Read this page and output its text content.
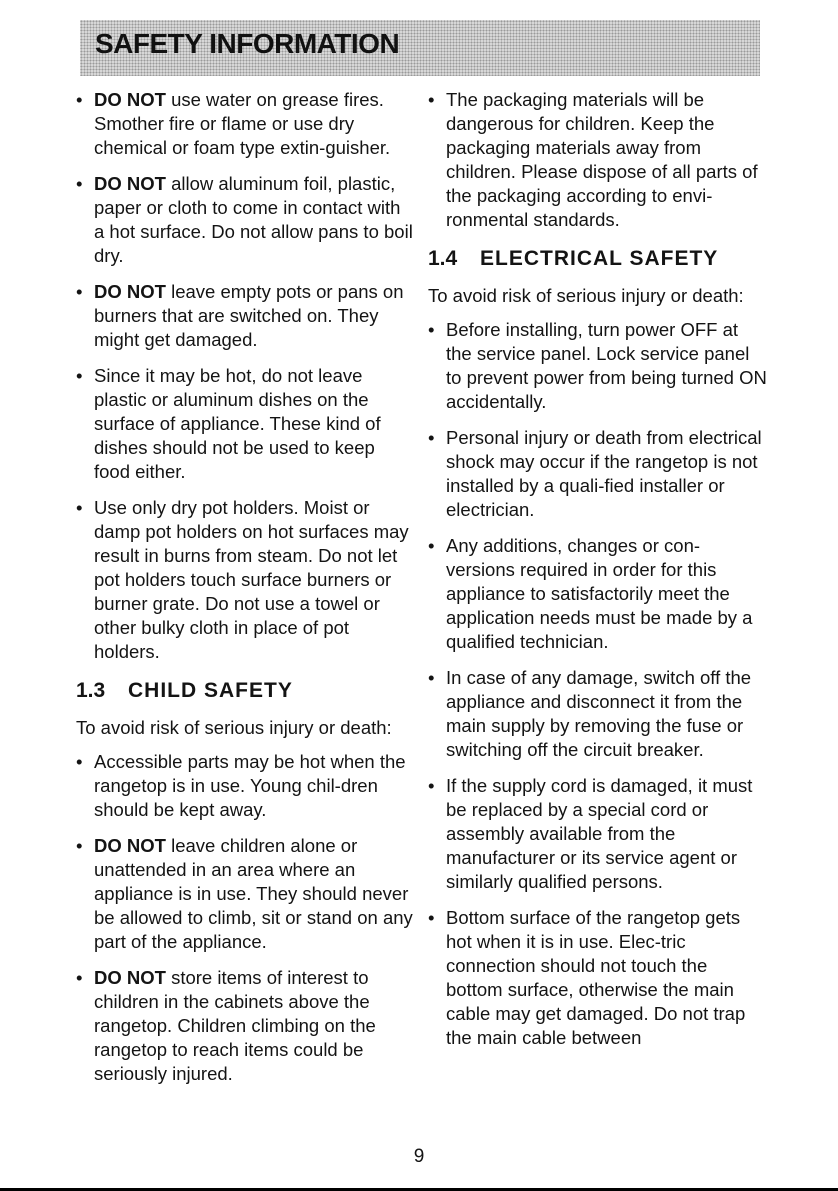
SAFETY INFORMATION
• DO NOT use water on grease fires. Smother fire or flame or use dry chemical or foam type extin-guisher.
• DO NOT allow aluminum foil, plastic, paper or cloth to come in contact with a hot surface. Do not allow pans to boil dry.
• DO NOT leave empty pots or pans on burners that are switched on. They might get damaged.
• Since it may be hot, do not leave plastic or aluminum dishes on the surface of appliance. These kind of dishes should not be used to keep food either.
• Use only dry pot holders. Moist or damp pot holders on hot surfaces may result in burns from steam. Do not let pot holders touch surface burners or burner grate. Do not use a towel or other bulky cloth in place of pot holders.
1.3 CHILD SAFETY
To avoid risk of serious injury or death:
• Accessible parts may be hot when the rangetop is in use. Young chil-dren should be kept away.
• DO NOT leave children alone or unattended in an area where an appliance is in use. They should never be allowed to climb, sit or stand on any part of the appliance.
• DO NOT store items of interest to children in the cabinets above the rangetop. Children climbing on the rangetop to reach items could be seriously injured.
• The packaging materials will be dangerous for children. Keep the packaging materials away from children. Please dispose of all parts of the packaging according to envi-ronmental standards.
1.4 ELECTRICAL SAFETY
To avoid risk of serious injury or death:
• Before installing, turn power OFF at the service panel. Lock service panel to prevent power from being turned ON accidentally.
• Personal injury or death from electrical shock may occur if the rangetop is not installed by a quali-fied installer or electrician.
• Any additions, changes or con-versions required in order for this appliance to satisfactorily meet the application needs must be made by a qualified technician.
• In case of any damage, switch off the appliance and disconnect it from the main supply by removing the fuse or switching off the circuit breaker.
• If the supply cord is damaged, it must be replaced by a special cord or assembly available from the manufacturer or its service agent or similarly qualified persons.
• Bottom surface of the rangetop gets hot when it is in use. Elec-tric connection should not touch the bottom surface, otherwise the main cable may get damaged. Do not trap the main cable between
9
